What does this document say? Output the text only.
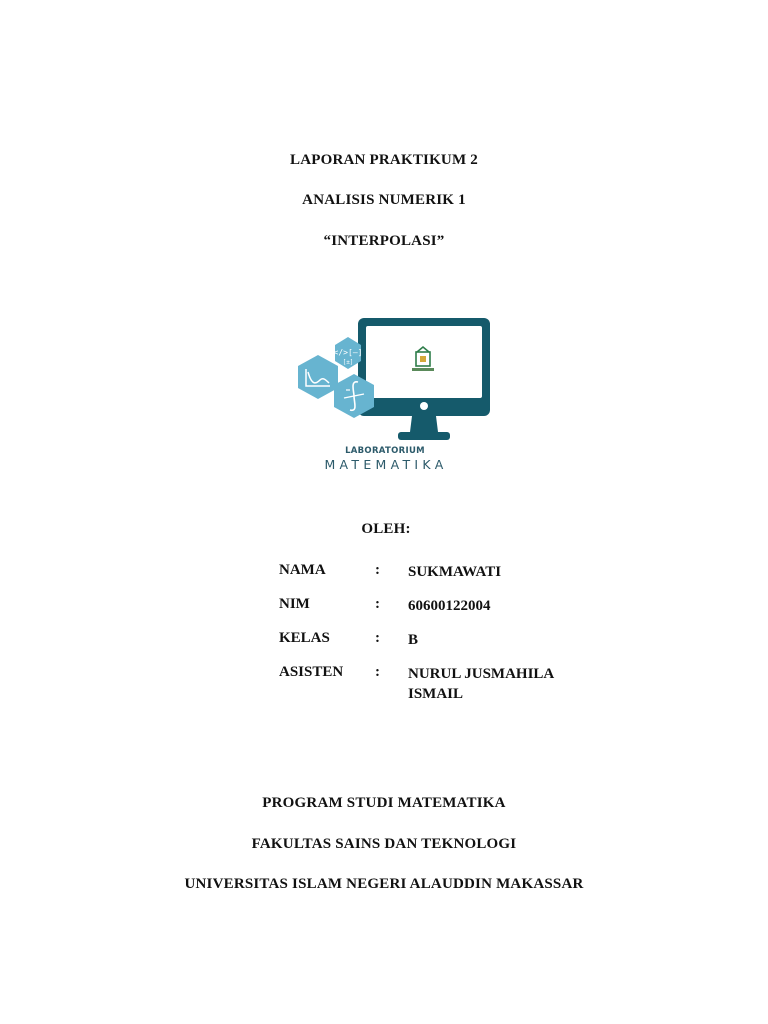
LAPORAN PRAKTIKUM 2
ANALISIS NUMERIK 1
“INTERPOLASI”
</>[–]
[±]
LABORATORIUM
MATEMATIKA
OLEH:
NAMA	: SUKMAWATI
NIM	: 60600122004
KELAS	: B
ASISTEN : NURUL JUSMAHILA ISMAIL
PROGRAM STUDI MATEMATIKA
FAKULTAS SAINS DAN TEKNOLOGI
UNIVERSITAS ISLAM NEGERI ALAUDDIN MAKASSAR
